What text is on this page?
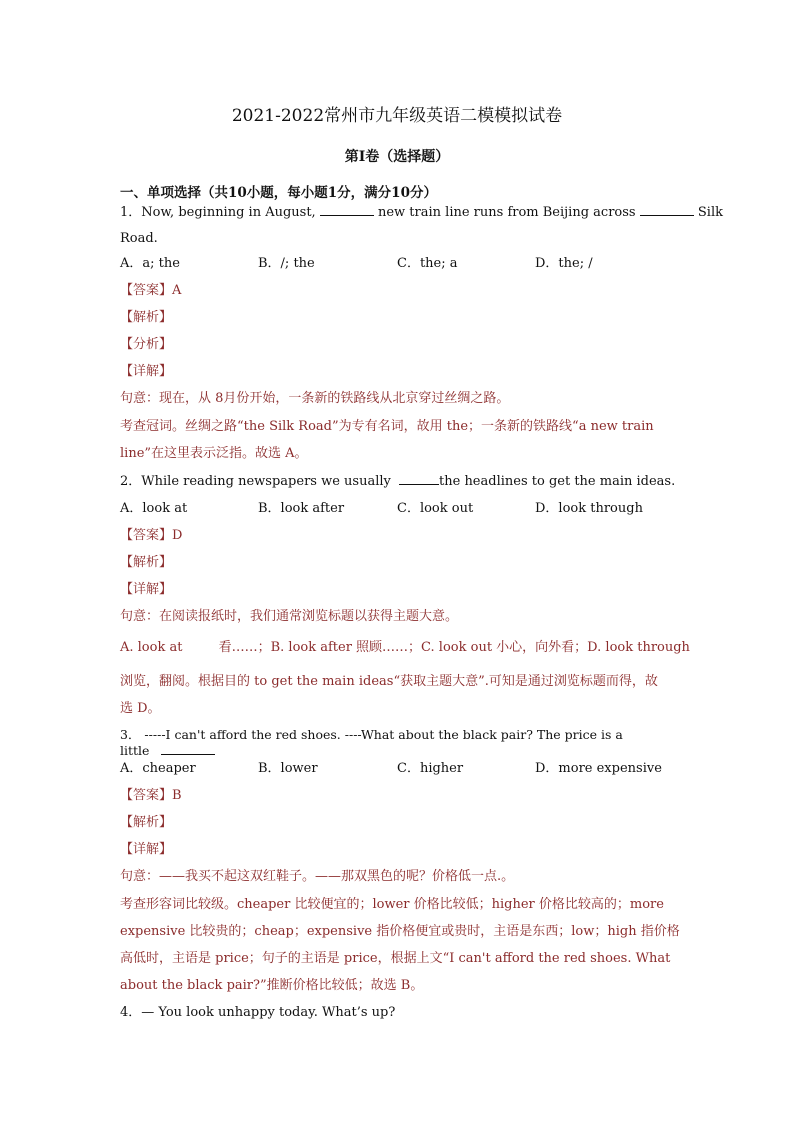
2021-2022常州市九年级英语二模模拟试卷
第I卷（选择题）
一、单项选择（共10小题，每小题1分，满分10分）
1．Now, beginning in August,	new train line runs from Beijing across	Silk
Road.
A．a; the	B．/; the	C．the; a	D．the; /
【答案】A
【解析】
【分析】
【详解】
句意：现在，从 8月份开始，一条新的铁路线从北京穿过丝绸之路。
考查冠词。丝绸之路“the Silk Road”为专有名词，故用 the；一条新的铁路线“a new train
line”在这里表示泛指。故选 A。
2．While reading newspapers we usually	the headlines to get the main ideas.
A．look at	B．look after	C．look out	D．look through
【答案】D
【解析】
【详解】
句意：在阅读报纸时，我们通常浏览标题以获得主题大意。
A. look at	看……；B. look after 照顾……；C. look out 小心，向外看；D. look through
浏览，翻阅。根据目的 to get the main ideas“获取主题大意”.可知是通过浏览标题而得，故
选 D。
3． -----I can't afford the red shoes. ----What about the black pair? The price is a
little
A．cheaper	B．lower	C．higher	D．more expensive
【答案】B
【解析】
【详解】
句意：——我买不起这双红鞋子。——那双黑色的呢？价格低一点.。
考查形容词比较级。cheaper 比较便宜的；lower 价格比较低；higher 价格比较高的；more
expensive 比较贵的；cheap；expensive 指价格便宜或贵时，主语是东西；low；high 指价格
高低时，主语是 price；句子的主语是 price，根据上文“I can't afford the red shoes. What
about the black pair?”推断价格比较低；故选 B。
4．— You look unhappy today. What’s up?
